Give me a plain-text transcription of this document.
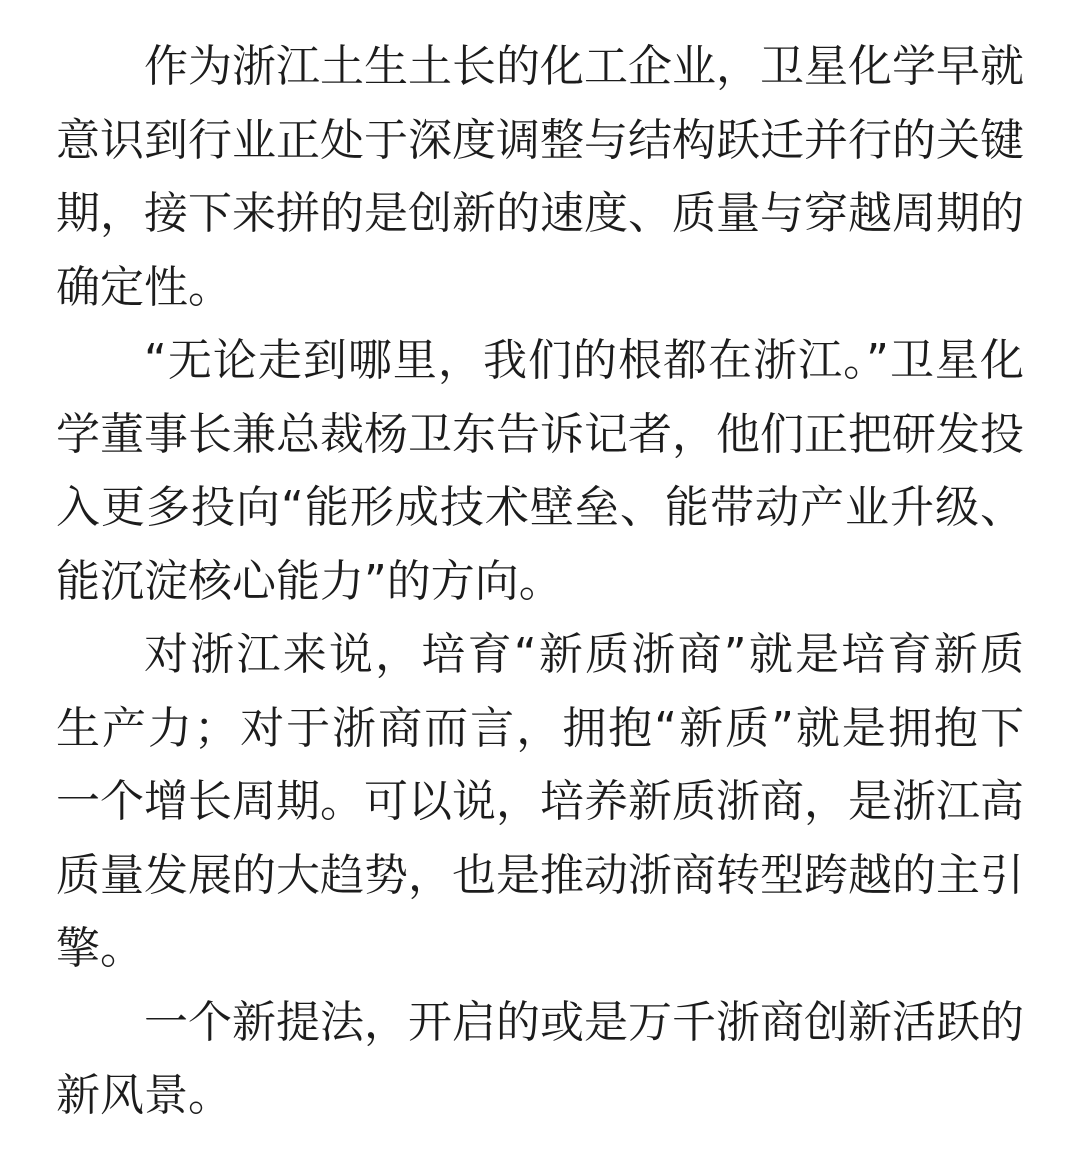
作为浙江土生土长的化工企业，卫星化学早就意识到行业正处于深度调整与结构跃迁并行的关键期，接下来拼的是创新的速度、质量与穿越周期的确定性。

“无论走到哪里，我们的根都在浙江。”卫星化学董事长兼总裁杨卫东告诉记者，他们正把研发投入更多投向“能形成技术壁垒、能带动产业升级、能沉淀核心能力”的方向。

对浙江来说，培育“新质浙商”就是培育新质生产力；对于浙商而言，拥抱“新质”就是拥抱下一个增长周期。可以说，培养新质浙商，是浙江高质量发展的大趋势，也是推动浙商转型跨越的主引擎。

一个新提法，开启的或是万千浙商创新活跃的新风景。
